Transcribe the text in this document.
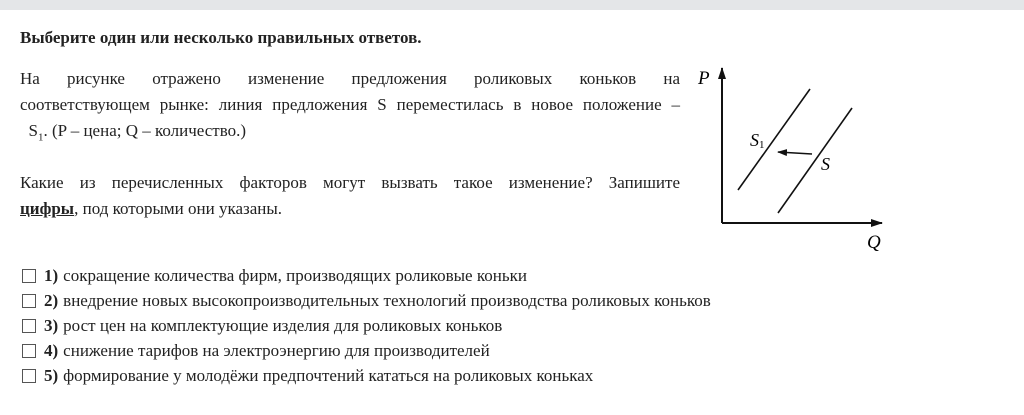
Выберите один или несколько правильных ответов.
На рисунке отражено изменение предложения роликовых коньков на
соответствующем рынке: линия предложения S переместилась в новое положение –
$S_1$. (P – цена; Q – количество.)
Какие из перечисленных факторов могут вызвать такое изменение? Запишите
цифры, под которыми они указаны.
P
Q
S1
S
1) сокращение количества фирм, производящих роликовые коньки
2) внедрение новых высокопроизводительных технологий производства роликовых коньков
3) рост цен на комплектующие изделия для роликовых коньков
4) снижение тарифов на электроэнергию для производителей
5) формирование у молодёжи предпочтений кататься на роликовых коньках
